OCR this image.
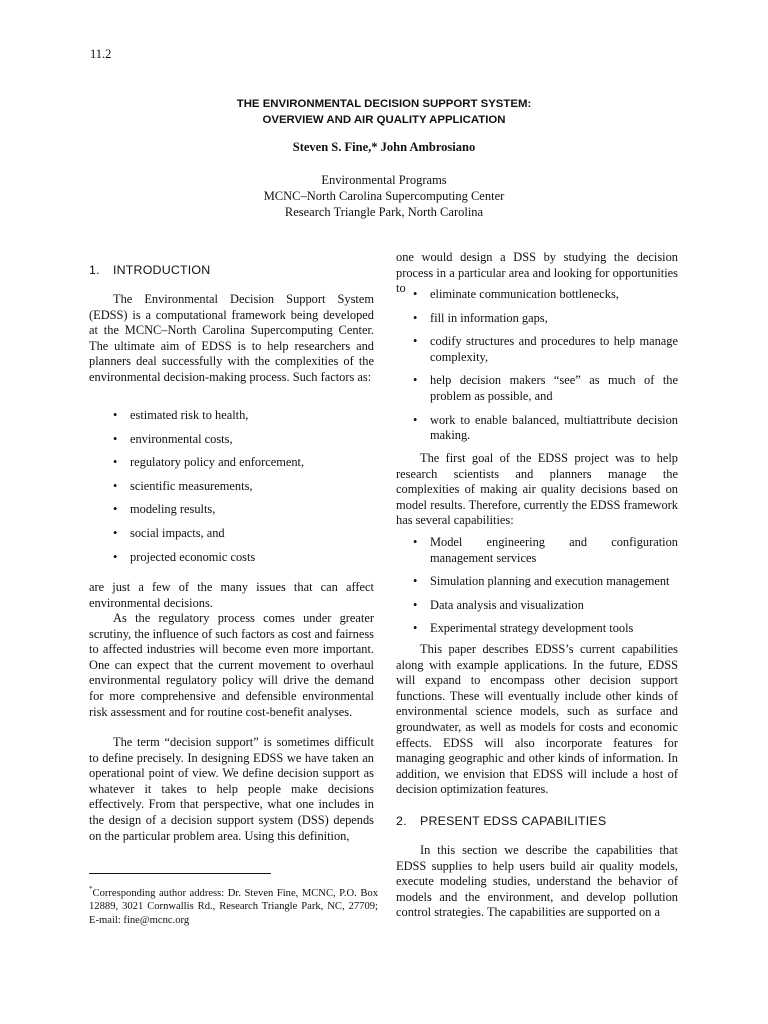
11.2
THE ENVIRONMENTAL DECISION SUPPORT SYSTEM:
OVERVIEW AND AIR QUALITY APPLICATION
Steven S. Fine,* John Ambrosiano
Environmental Programs
MCNC–North Carolina Supercomputing Center
Research Triangle Park, North Carolina
1. INTRODUCTION
The Environmental Decision Support System (EDSS) is a computational framework being developed at the MCNC–North Carolina Supercomputing Center. The ultimate aim of EDSS is to help researchers and planners deal successfully with the complexities of the environmental decision-making process. Such factors as:
• estimated risk to health,
• environmental costs,
• regulatory policy and enforcement,
• scientific measurements,
• modeling results,
• social impacts, and
• projected economic costs
are just a few of the many issues that can affect environmental decisions.
As the regulatory process comes under greater scrutiny, the influence of such factors as cost and fairness to affected industries will become even more important. One can expect that the current movement to overhaul environmental regulatory policy will drive the demand for more comprehensive and defensible environmental risk assessment and for routine cost-benefit analyses.
The term “decision support” is sometimes difficult to define precisely. In designing EDSS we have taken an operational point of view. We define decision support as whatever it takes to help people make decisions effectively. From that perspective, what one includes in the design of a decision support system (DSS) depends on the particular problem area. Using this definition,
*Corresponding author address: Dr. Steven Fine, MCNC, P.O. Box 12889, 3021 Cornwallis Rd., Research Triangle Park, NC, 27709; E-mail: fine@mcnc.org
one would design a DSS by studying the decision process in a particular area and looking for opportunities to • eliminate communication bottlenecks,
• fill in information gaps,
• codify structures and procedures to help manage complexity,
• help decision makers “see” as much of the problem as possible, and
• work to enable balanced, multiattribute decision making.
The first goal of the EDSS project was to help research scientists and planners manage the complexities of making air quality decisions based on model results. Therefore, currently the EDSS framework has several capabilities:
• Model engineering and configuration management services
• Simulation planning and execution management
• Data analysis and visualization
• Experimental strategy development tools
This paper describes EDSS’s current capabilities along with example applications. In the future, EDSS will expand to encompass other decision support functions. These will eventually include other kinds of environmental science models, such as surface and groundwater, as well as models for costs and economic effects. EDSS will also incorporate features for managing geographic and other kinds of information. In addition, we envision that EDSS will include a host of decision optimization features.
2. PRESENT EDSS CAPABILITIES
In this section we describe the capabilities that EDSS supplies to help users build air quality models, execute modeling studies, understand the behavior of models and the environment, and develop pollution control strategies. The capabilities are supported on a
